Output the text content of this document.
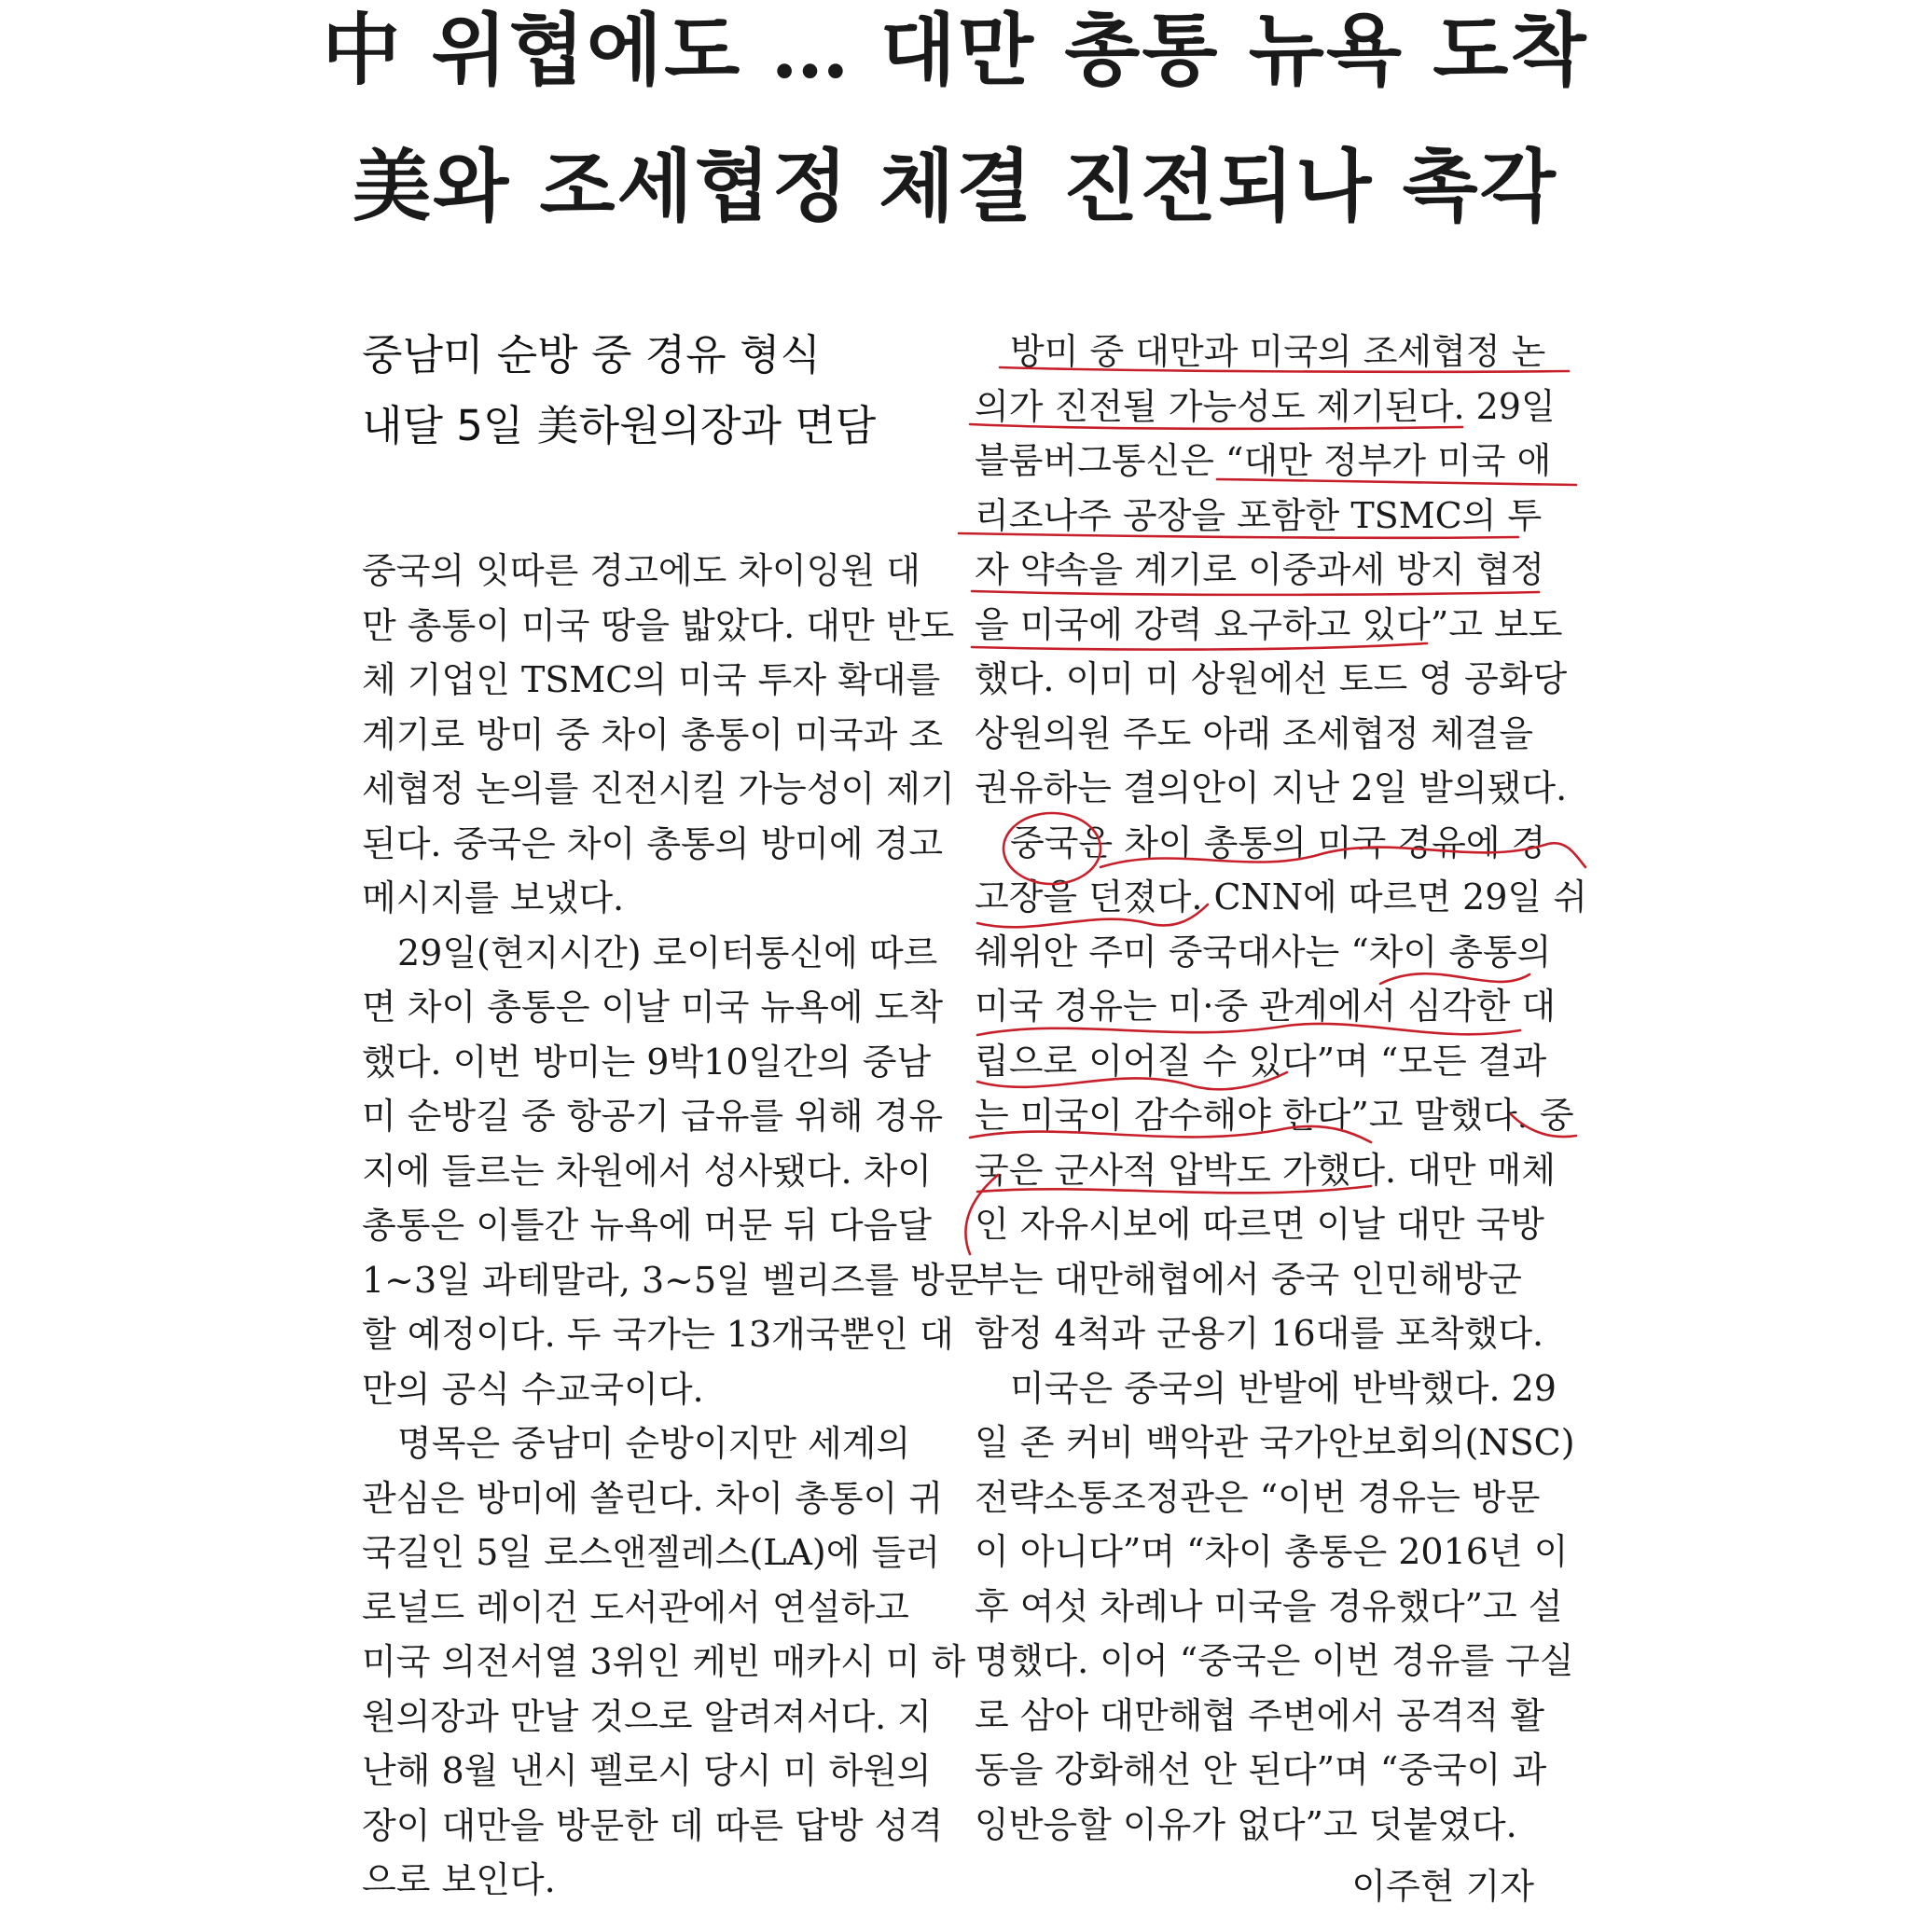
中 위협에도 … 대만 총통 뉴욕 도착
美와 조세협정 체결 진전되나 촉각
중남미 순방 중 경유 형식
내달 5일 美하원의장과 면담
중국의 잇따른 경고에도 차이잉원 대
만 총통이 미국 땅을 밟았다. 대만 반도
체 기업인 TSMC의 미국 투자 확대를
계기로 방미 중 차이 총통이 미국과 조
세협정 논의를 진전시킬 가능성이 제기
된다. 중국은 차이 총통의 방미에 경고
메시지를 보냈다.
29일(현지시간) 로이터통신에 따르
면 차이 총통은 이날 미국 뉴욕에 도착
했다. 이번 방미는 9박10일간의 중남
미 순방길 중 항공기 급유를 위해 경유
지에 들르는 차원에서 성사됐다. 차이
총통은 이틀간 뉴욕에 머문 뒤 다음달
1~3일 과테말라, 3~5일 벨리즈를 방문
할 예정이다. 두 국가는 13개국뿐인 대
만의 공식 수교국이다.
명목은 중남미 순방이지만 세계의
관심은 방미에 쏠린다. 차이 총통이 귀
국길인 5일 로스앤젤레스(LA)에 들러
로널드 레이건 도서관에서 연설하고
미국 의전서열 3위인 케빈 매카시 미 하
원의장과 만날 것으로 알려져서다. 지
난해 8월 낸시 펠로시 당시 미 하원의
장이 대만을 방문한 데 따른 답방 성격
으로 보인다.
방미 중 대만과 미국의 조세협정 논
의가 진전될 가능성도 제기된다. 29일
블룸버그통신은 “대만 정부가 미국 애
리조나주 공장을 포함한 TSMC의 투
자 약속을 계기로 이중과세 방지 협정
을 미국에 강력 요구하고 있다”고 보도
했다. 이미 미 상원에선 토드 영 공화당
상원의원 주도 아래 조세협정 체결을
권유하는 결의안이 지난 2일 발의됐다.
중국은 차이 총통의 미국 경유에 경
고장을 던졌다. CNN에 따르면 29일 쉬
쉐위안 주미 중국대사는 “차이 총통의
미국 경유는 미·중 관계에서 심각한 대
립으로 이어질 수 있다”며 “모든 결과
는 미국이 감수해야 한다”고 말했다. 중
국은 군사적 압박도 가했다. 대만 매체
인 자유시보에 따르면 이날 대만 국방
부는 대만해협에서 중국 인민해방군
함정 4척과 군용기 16대를 포착했다.
미국은 중국의 반발에 반박했다. 29
일 존 커비 백악관 국가안보회의(NSC)
전략소통조정관은 “이번 경유는 방문
이 아니다”며 “차이 총통은 2016년 이
후 여섯 차례나 미국을 경유했다”고 설
명했다. 이어 “중국은 이번 경유를 구실
로 삼아 대만해협 주변에서 공격적 활
동을 강화해선 안 된다”며 “중국이 과
잉반응할 이유가 없다”고 덧붙였다.
이주현 기자
